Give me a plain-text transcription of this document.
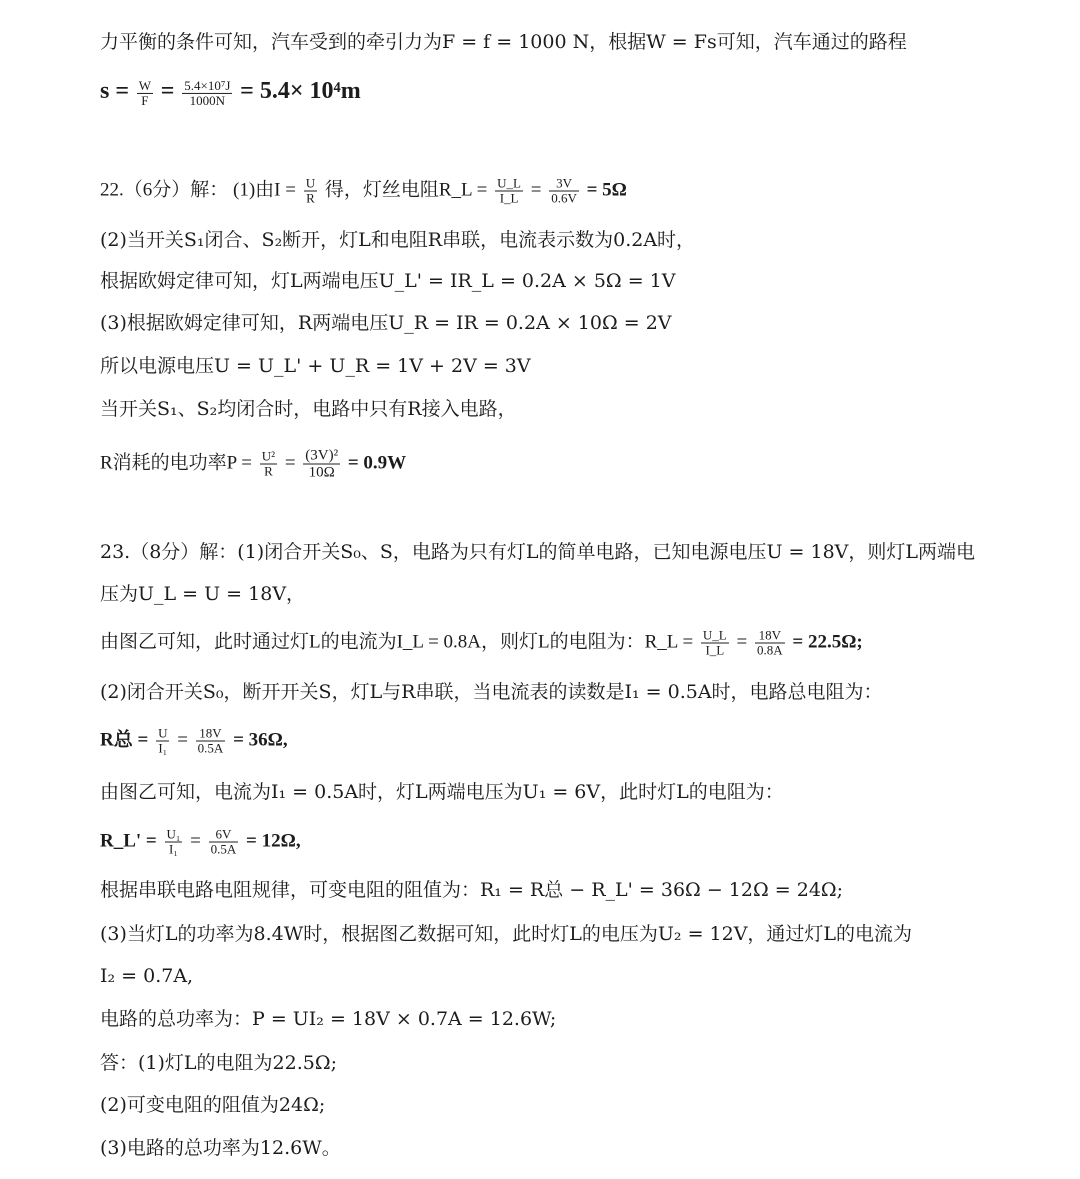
力平衡的条件可知，汽车受到的牵引力为F = f = 1000 N，根据W = Fs可知，汽车通过的路程
$s = \frac{W}{F} = \frac{\text{5.4×10⁷J}}{1000N} = 5.4\times 10^4m$
22.（6分）解： (1)由$I = \frac{U}{R}$ 得，灯丝电阻R_L = $\frac{U\_L}{I\_L} = \frac{3V}{0.6V} = 5\Omega$
(2)当开关S₁闭合、S₂断开，灯L和电阻R串联，电流表示数为0.2A时，
根据欧姆定律可知，灯L两端电压U_L' = IR_L = 0.2A × 5Ω = 1V
(3)根据欧姆定律可知，R两端电压U_R = IR = 0.2A × 10Ω = 2V
所以电源电压U = U_L' + U_R = 1V + 2V = 3V
当开关S₁、S₂均闭合时，电路中只有R接入电路，
R消耗的电功率$P = \frac{\text{U²}}{R} = \frac{\text{(3V)²}}{10\Omega} = 0.9W$
23.（8分）解：(1)闭合开关S₀、S，电路为只有灯L的简单电路，已知电源电压U = 18V，则灯L两端电
压为U_L = U = 18V，
由图乙可知，此时通过灯L的电流为I_L = 0.8A，则灯L的电阻为：R_L = $\frac{U\_L}{I\_L} = \frac{18V}{0.8A} = 22.5\Omega$;
(2)闭合开关S₀，断开开关S，灯L与R串联，当电流表的读数是I₁ = 0.5A时，电路总电阻为：
R总 = $\frac{U}{\text{I₁}} = \frac{18V}{0.5A} = 36\Omega$,
由图乙可知，电流为I₁ = 0.5A时，灯L两端电压为U₁ = 6V，此时灯L的电阻为：
R_L' = $\frac{\text{U₁}}{\text{I₁}} = \frac{6V}{0.5A} = 12\Omega$,
根据串联电路电阻规律，可变电阻的阻值为：R₁ = R总 − R_L' = 36Ω − 12Ω = 24Ω;
(3)当灯L的功率为8.4W时，根据图乙数据可知，此时灯L的电压为U₂ = 12V，通过灯L的电流为
I₂ = 0.7A,
电路的总功率为：P = UI₂ = 18V × 0.7A = 12.6W;
答：(1)灯L的电阻为22.5Ω;
(2)可变电阻的阻值为24Ω;
(3)电路的总功率为12.6W。
